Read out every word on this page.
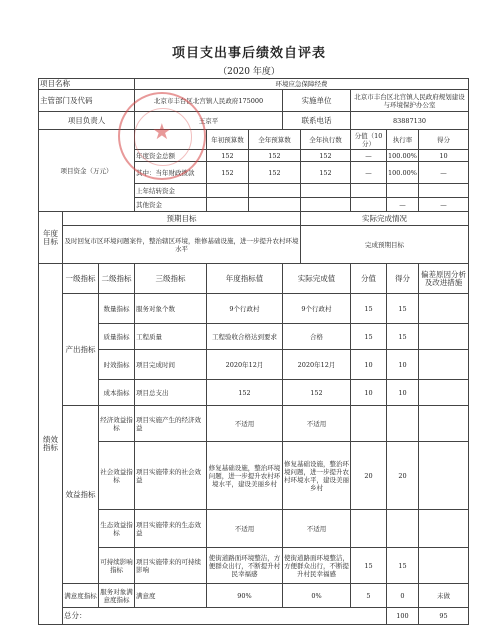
项目支出事后绩效自评表
（2020 年度）
项目名称			环境应急保障经费								
主管部门及代码			北京市丰台区北宫镇人民政府175000			实施单位		北京市丰台区北宫镇人民政府规划建设与环境保护办公室			
项目负责人			王京平			联系电话		83887130			
项目资金（万元）				年初预算数	全年预算数		全年执行数	分值（10分）	执行率	得分	
			年度资金总额	152	152		152	—	100.00%	10	
			其中：当年财政拨款	152	152		152	—	100.00%	—	
			上年结转资金								
			其他资金						—	—	
年度目标	预期目标						实际完成情况				
	及时回复市区环境问题案件，整治辖区环境，维修基础设施，进一步提升农村环境水平						完成预期目标				
绩效指标	一级指标	二级指标	三级指标	年度指标值		实际完成值		分值	得分	偏差原因分析及改进措施	
	产出指标	数量指标	服务对象个数	9个行政村		9个行政村		15	15		
		质量指标	工程质量	工程验收合格达到要求		合格		15	15		
		时效指标	项目完成时间	2020年12月		2020年12月		10	10		
		成本指标	项目总支出	152		152		10	10		
	效益指标	经济效益指标	项目实施产生的经济效益	不适用		不适用					
		社会效益指标	项目实施带来的社会效益	修复基础设施，整治环境问题，进一步提升农村环境水平，建设美丽乡村		修复基础设施，整治环境问题，进一步提升农村环境水平，建设美丽乡村		20	20		
		生态效益指标	项目实施带来的生态效益	不适用		不适用					
		可持续影响指标	项目实施带来的可持续影响	使街道路面环境整洁，方便群众出行，不断提升村民幸福感		使街道路面环境整洁，方便群众出行，不断提升村民幸福感		15	15		
	满意度指标	服务对象满意度指标	满意度	90%		0%		5	0	未做	
	总分：								100	95	
★
